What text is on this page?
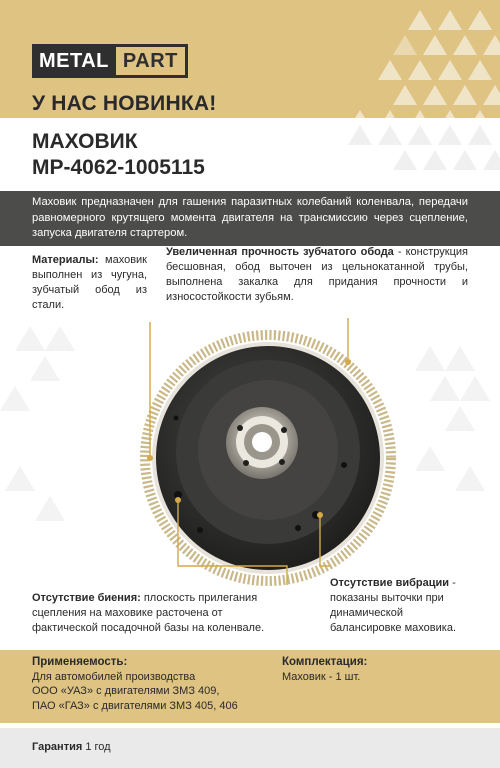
METAL PART
У НАС НОВИНКА!
МАХОВИК
МР-4062-1005115
Маховик предназначен для гашения паразитных колебаний коленвала, передачи равномерного крутящего момента двигателя на трансмиссию через сцепление, запуска двигателя стартером.
Материалы: маховик выполнен из чугуна, зубчатый обод из стали.
Увеличенная прочность зубчатого обода - конструкция бесшовная, обод выточен из цельнокатанной трубы, выполнена закалка для придания прочности и износостойкости зубьям.
Отсутствие биения: плоскость прилегания сцепления на маховике расточена от фактической посадочной базы на коленвале.
Отсутствие вибрации - показаны выточки при динамической балансировке маховика.
Применяемость:
Для автомобилей производства
ООО «УАЗ» с двигателями ЗМЗ 409,
ПАО «ГАЗ» с двигателями ЗМЗ 405, 406
Комплектация:
Маховик - 1 шт.
Гарантия 1 год
